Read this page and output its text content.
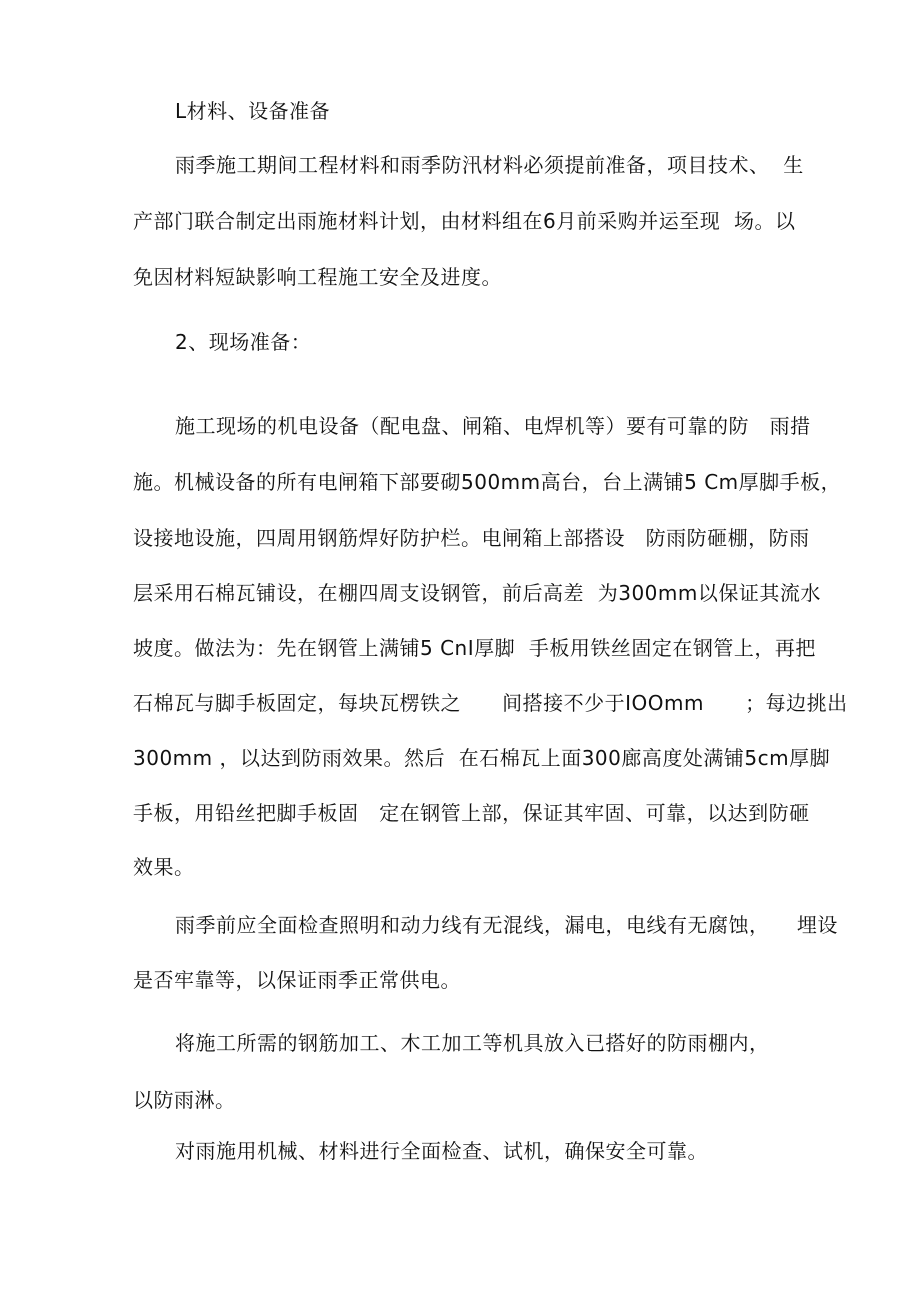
L材料、设备准备
雨季施工期间工程材料和雨季防汛材料必须提前准备，项目技术、  生
产部门联合制定出雨施材料计划，由材料组在6月前采购并运至现  场。以
免因材料短缺影响工程施工安全及进度。
2、现场准备：
施工现场的机电设备（配电盘、闸箱、电焊机等）要有可靠的防   雨措
施。机械设备的所有电闸箱下部要砌500mm高台，台上满铺5 Cm厚脚手板，
设接地设施，四周用钢筋焊好防护栏。电闸箱上部搭设   防雨防砸棚，防雨
层采用石棉瓦铺设，在棚四周支设钢管，前后高差  为300mm以保证其流水
坡度。做法为：先在钢管上满铺5 CnI厚脚  手板用铁丝固定在钢管上，再把
石棉瓦与脚手板固定，每块瓦楞铁之      间搭接不少于IOOmm      ；每边挑出
300mm ，以达到防雨效果。然后  在石棉瓦上面300廊高度处满铺5cm厚脚
手板，用铅丝把脚手板固   定在钢管上部，保证其牢固、可靠，以达到防砸
效果。
雨季前应全面检查照明和动力线有无混线，漏电，电线有无腐蚀，    埋设
是否牢靠等，以保证雨季正常供电。
将施工所需的钢筋加工、木工加工等机具放入已搭好的防雨棚内，
以防雨淋。
对雨施用机械、材料进行全面检查、试机，确保安全可靠。
